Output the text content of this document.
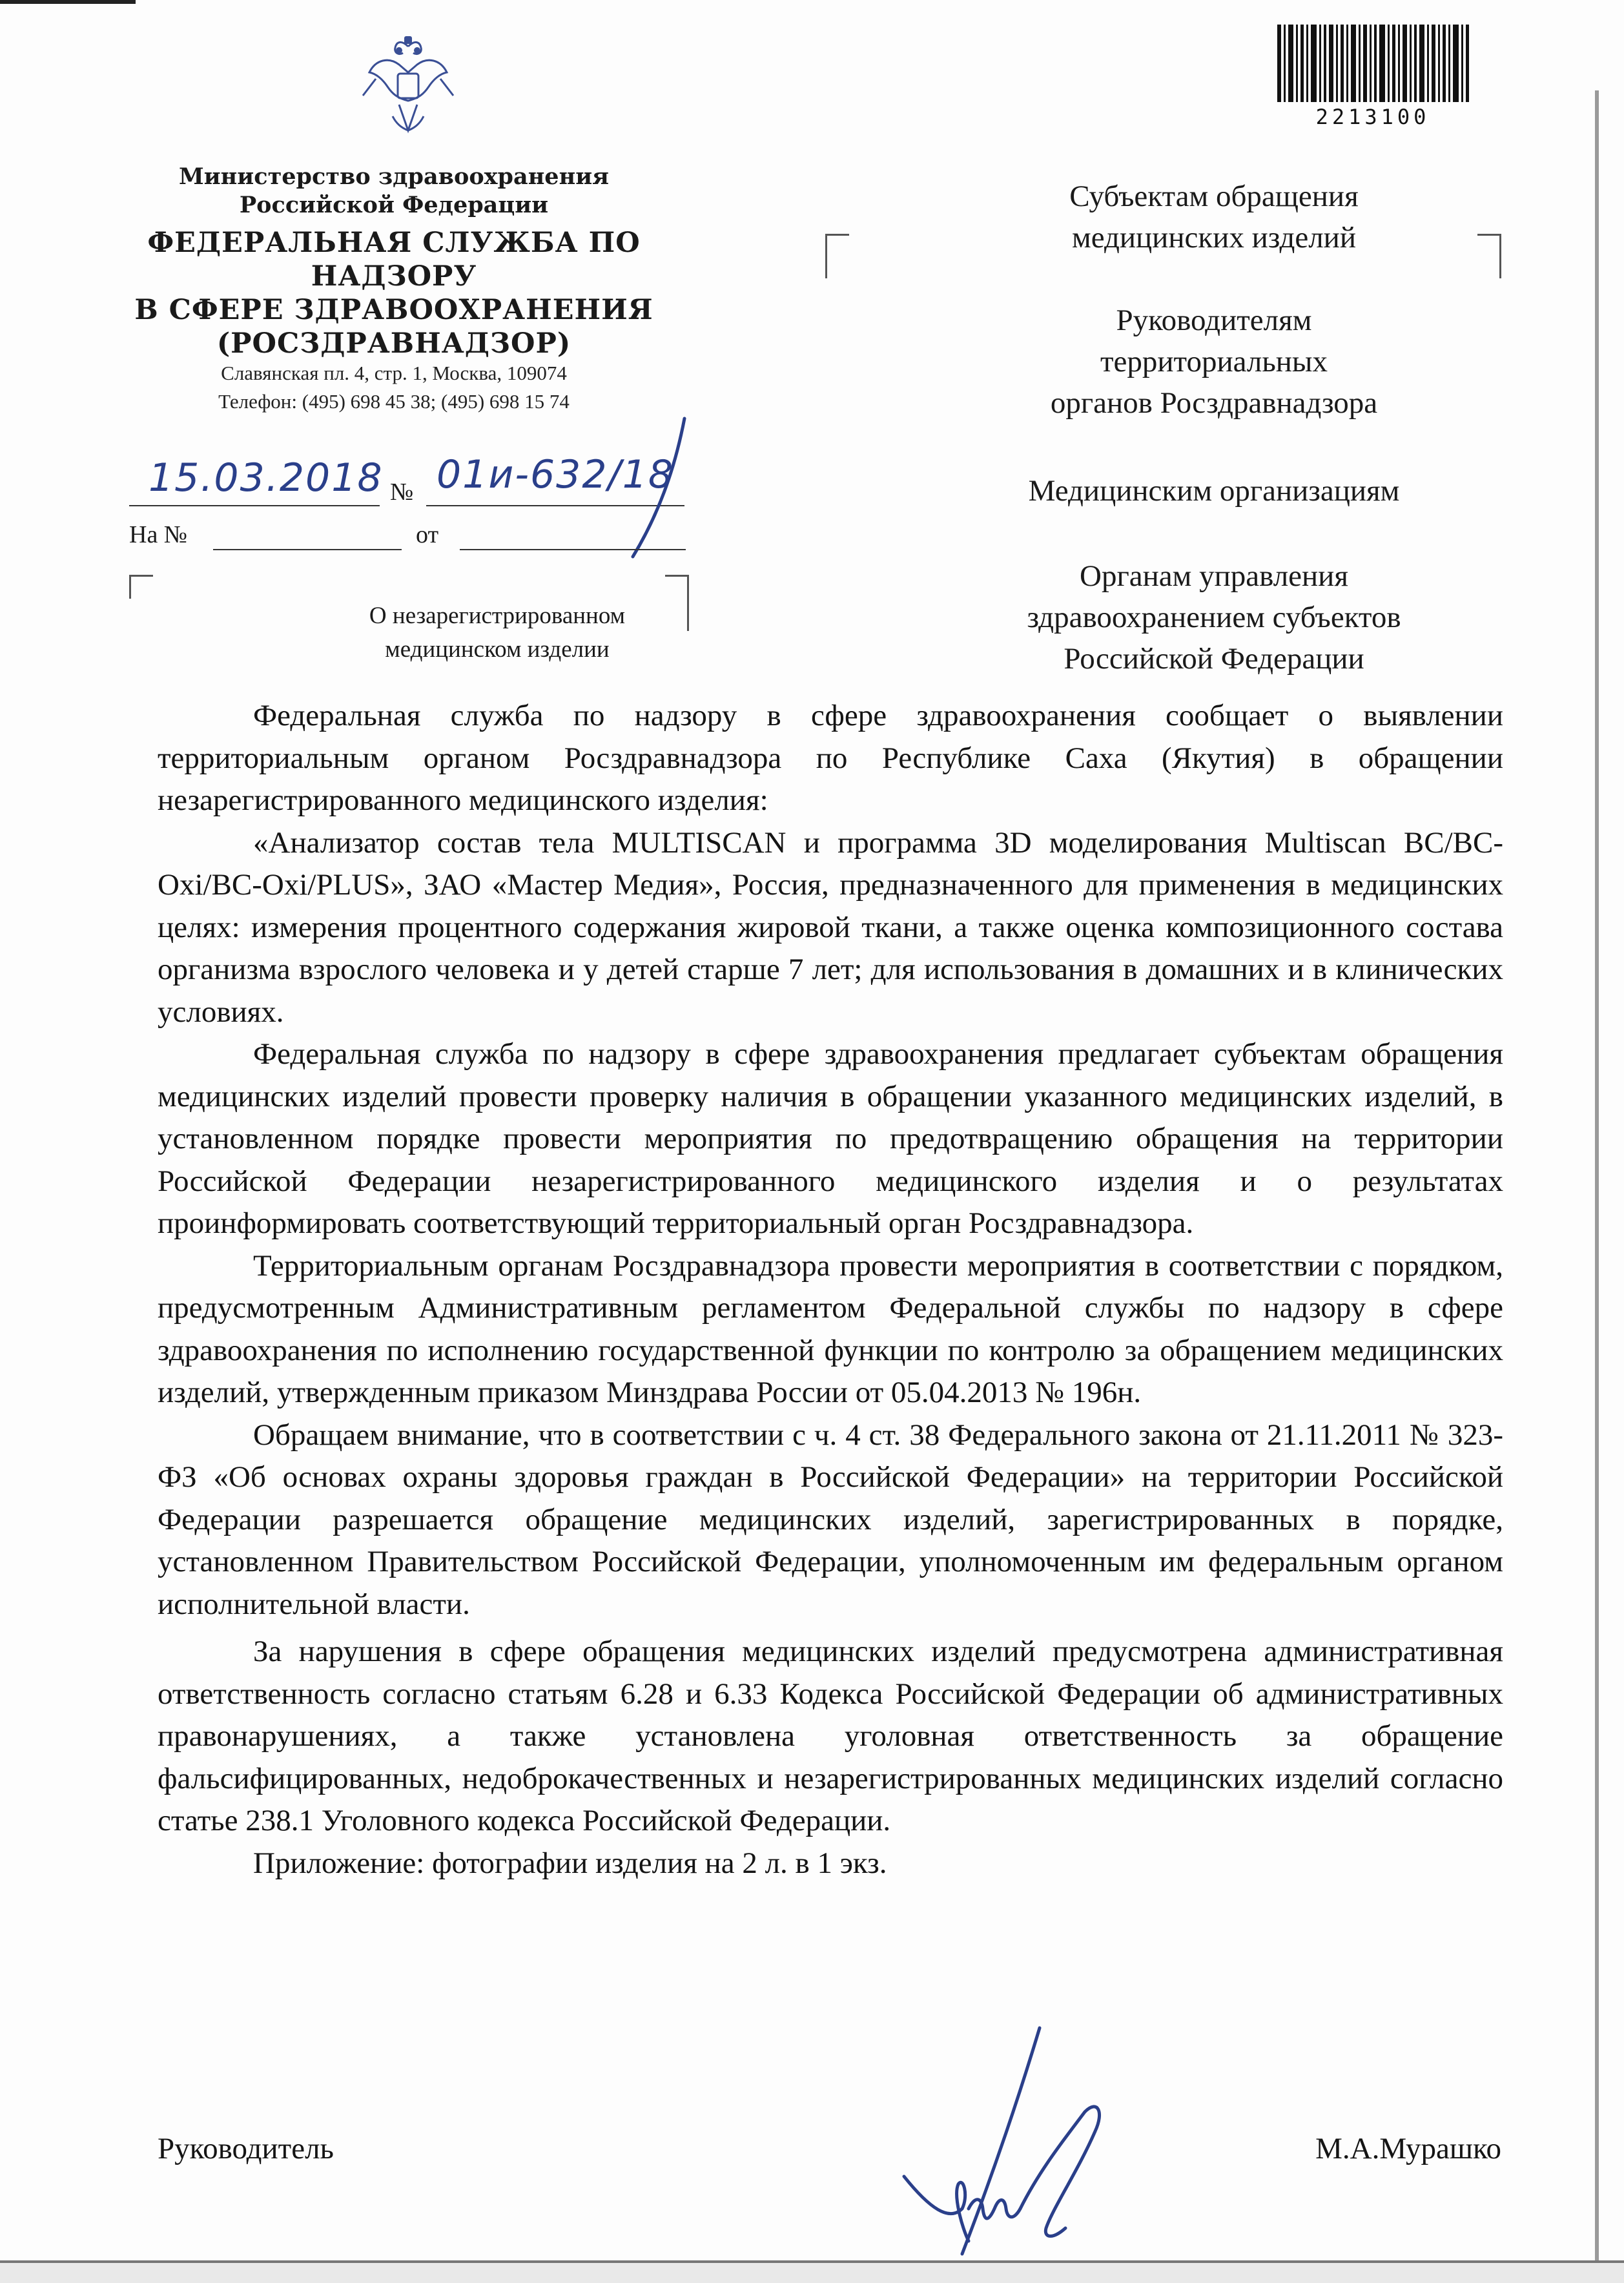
Министерство здравоохранения
Российской Федерации
ФЕДЕРАЛЬНАЯ СЛУЖБА ПО НАДЗОРУ
В СФЕРЕ ЗДРАВООХРАНЕНИЯ
(РОСЗДРАВНАДЗОР)
Славянская пл. 4, стр. 1, Москва, 109074
Телефон: (495) 698 45 38; (495) 698 15 74
15.03.2018 № 01и-632/18
На №	от
О незарегистрированном
медицинском изделии
2213100
Субъектам обращения
медицинских изделий
Руководителям
территориальных
органов Росздравнадзора
Медицинским организациям
Органам управления
здравоохранением субъектов
Российской Федерации

Федеральная служба по надзору в сфере здравоохранения сообщает о выявлении территориальным органом Росздравнадзора по Республике Саха (Якутия) в обращении незарегистрированного медицинского изделия:

«Анализатор состав тела MULTISCAN и программа 3D моделирования Multiscan BC/BC-Oxi/BC-Oxi/PLUS», ЗАО «Мастер Медия», Россия, предназначенного для применения в медицинских целях: измерения процентного содержания жировой ткани, а также оценка композиционного состава организма взрослого человека и у детей старше 7 лет; для использования в домашних и в клинических условиях.

Федеральная служба по надзору в сфере здравоохранения предлагает субъектам обращения медицинских изделий провести проверку наличия в обращении указанного медицинских изделий, в установленном порядке провести мероприятия по предотвращению обращения на территории Российской Федерации незарегистрированного медицинского изделия и о результатах проинформировать соответствующий территориальный орган Росздравнадзора.

Территориальным органам Росздравнадзора провести мероприятия в соответствии с порядком, предусмотренным Административным регламентом Федеральной службы по надзору в сфере здравоохранения по исполнению государственной функции по контролю за обращением медицинских изделий, утвержденным приказом Минздрава России от 05.04.2013 № 196н.

Обращаем внимание, что в соответствии с ч. 4 ст. 38 Федерального закона от 21.11.2011 № 323-ФЗ «Об основах охраны здоровья граждан в Российской Федерации» на территории Российской Федерации разрешается обращение медицинских изделий, зарегистрированных в порядке, установленном Правительством Российской Федерации, уполномоченным им федеральным органом исполнительной власти.

За нарушения в сфере обращения медицинских изделий предусмотрена административная ответственность согласно статьям 6.28 и 6.33 Кодекса Российской Федерации об административных правонарушениях, а также установлена уголовная ответственность за обращение фальсифицированных, недоброкачественных и незарегистрированных медицинских изделий согласно статье 238.1 Уголовного кодекса Российской Федерации.

Приложение: фотографии изделия на 2 л. в 1 экз.

Руководитель	М.А.Мурашко
